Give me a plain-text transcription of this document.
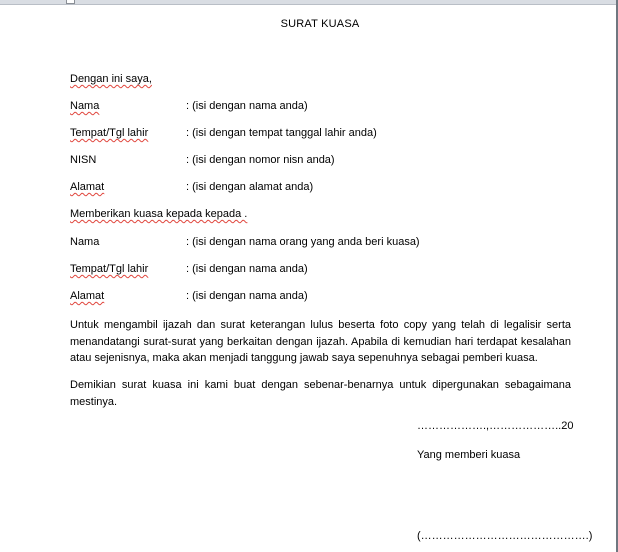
SURAT KUASA
Dengan ini saya,
Nama	: (isi dengan nama anda)
Tempat/Tgl lahir	: (isi dengan tempat tanggal lahir anda)
NISN	: (isi dengan nomor nisn anda)
Alamat	: (isi dengan alamat anda)
Memberikan kuasa kepada kepada .
Nama	: (isi dengan nama orang yang anda beri kuasa)
Tempat/Tgl lahir	: (isi dengan nama anda)
Alamat	: (isi dengan nama anda)
Untuk mengambil ijazah dan surat keterangan lulus beserta foto copy yang telah di legalisir serta
menandatangi surat-surat yang berkaitan dengan ijazah. Apabila di kemudian hari terdapat kesalahan
atau sejenisnya, maka akan menjadi tanggung jawab saya sepenuhnya sebagai pemberi kuasa.
Demikian surat kuasa ini kami buat dengan sebenar-benarnya untuk dipergunakan sebagaimana
mestinya.
……………….,………………..20
Yang memberi kuasa
(……………………………………….)
